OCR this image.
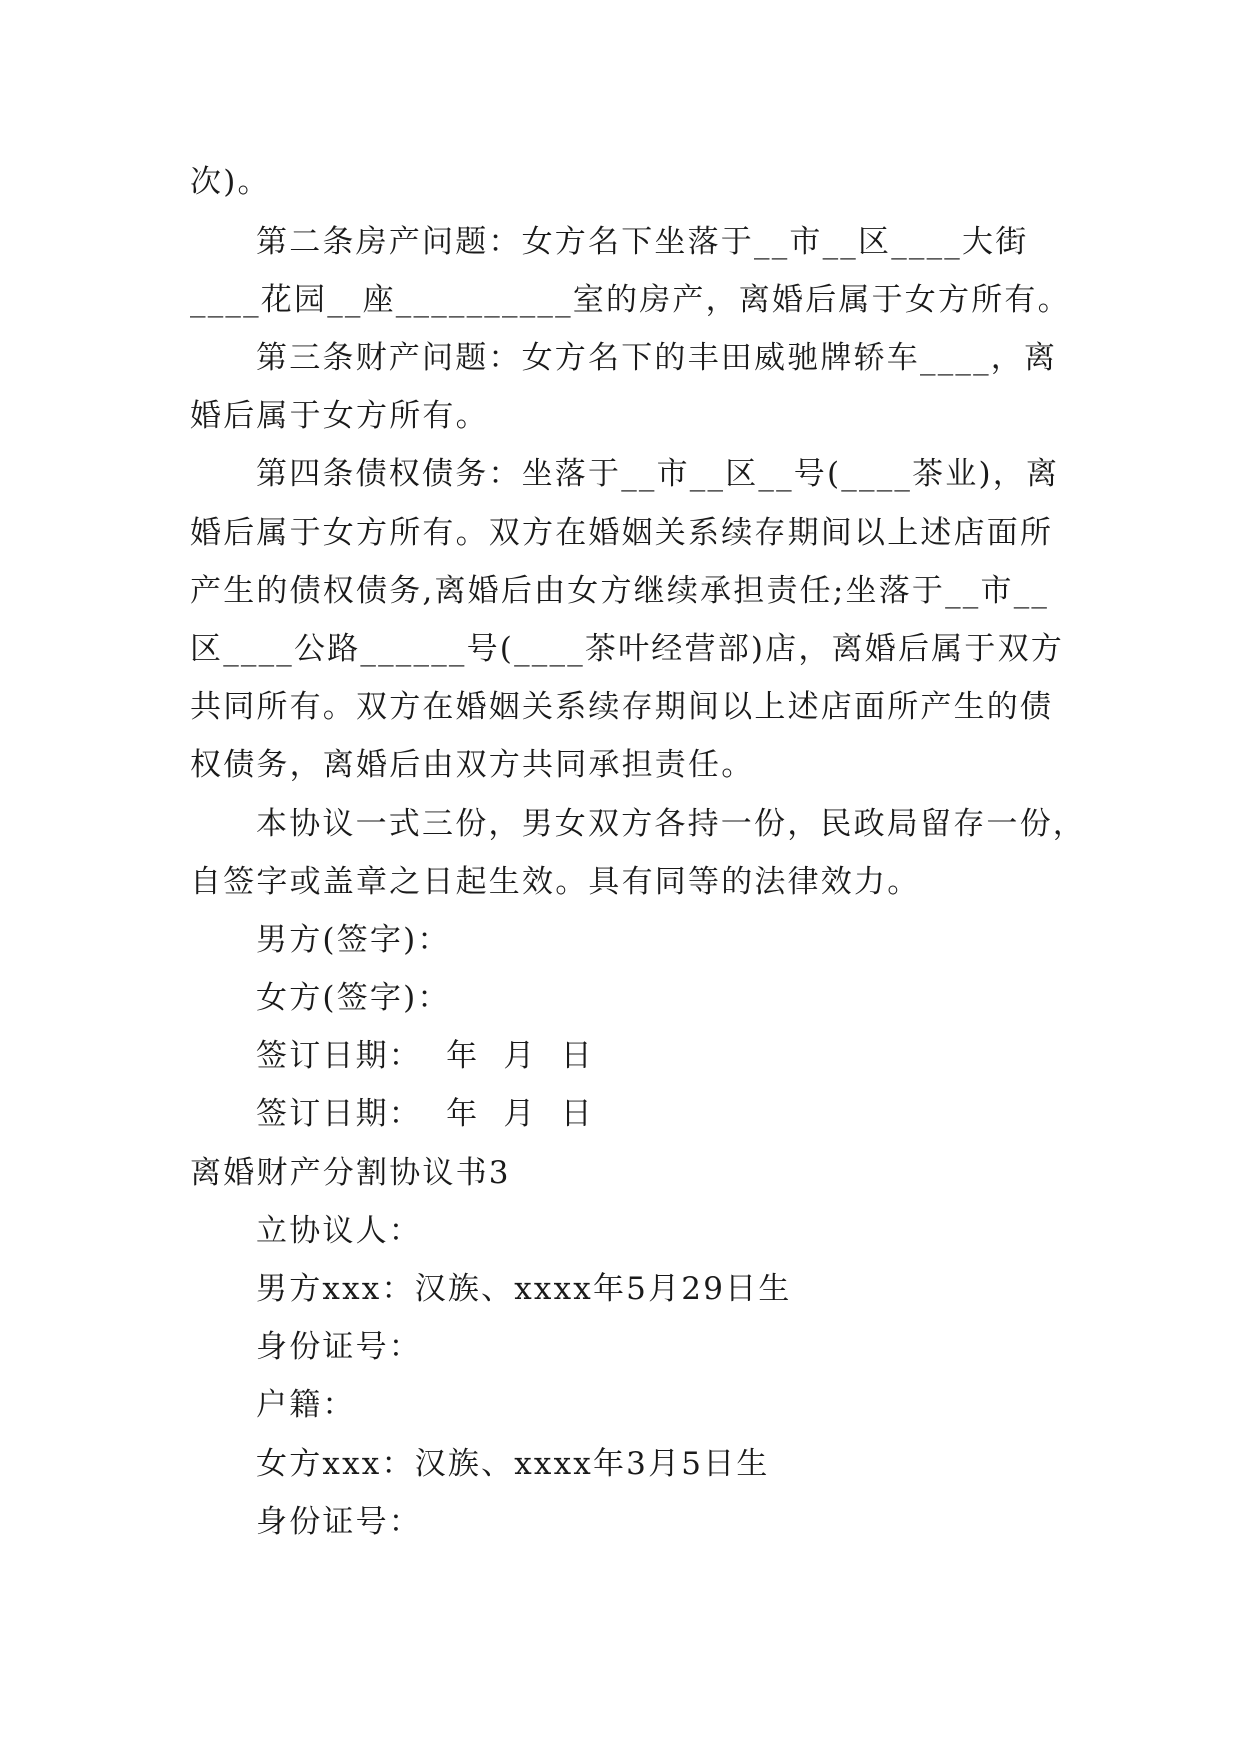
次)。
第二条房产问题：女方名下坐落于__市__区____大街
____花园__座__________室的房产，离婚后属于女方所有。
第三条财产问题：女方名下的丰田威驰牌轿车____，离
婚后属于女方所有。
第四条债权债务：坐落于__市__区__号(____茶业)，离
婚后属于女方所有。双方在婚姻关系续存期间以上述店面所
产生的债权债务,离婚后由女方继续承担责任;坐落于__市__
区____公路______号(____茶叶经营部)店，离婚后属于双方
共同所有。双方在婚姻关系续存期间以上述店面所产生的债
权债务，离婚后由双方共同承担责任。
本协议一式三份，男女双方各持一份，民政局留存一份，
自签字或盖章之日起生效。具有同等的法律效力。
男方(签字)：
女方(签字)：
签订日期：  年  月  日
签订日期：  年  月  日
离婚财产分割协议书3
立协议人：
男方xxx：汉族、xxxx年5月29日生
身份证号：
户籍：
女方xxx：汉族、xxxx年3月5日生
身份证号：
